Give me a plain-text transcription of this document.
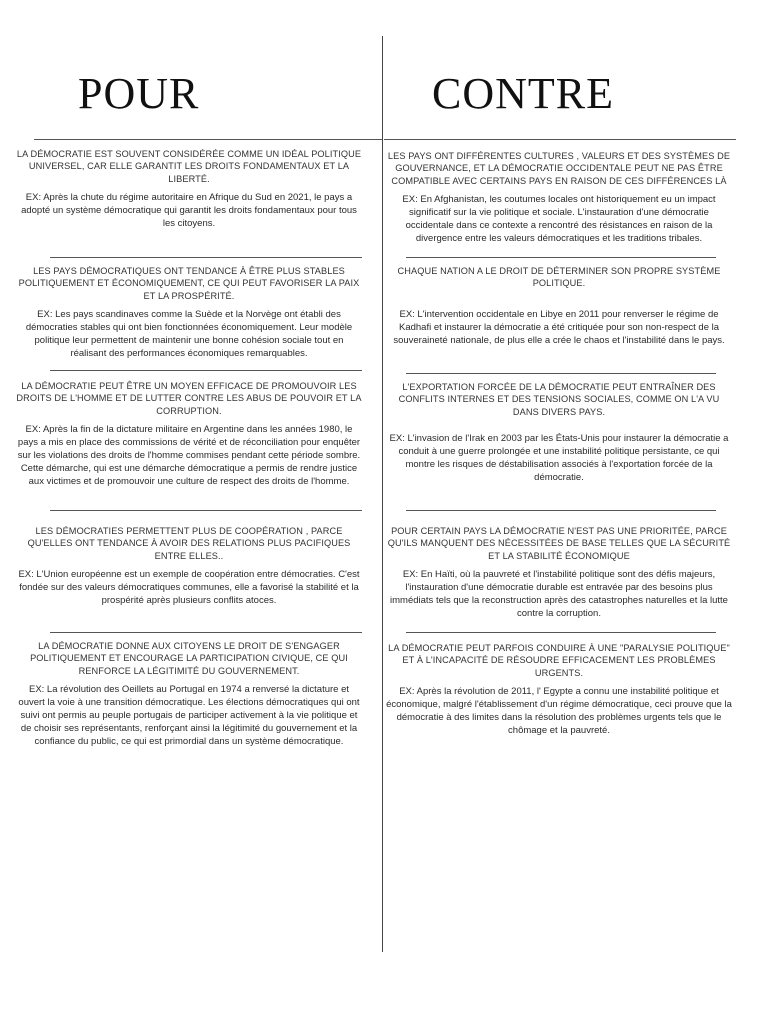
POUR	CONTRE

LA DÉMOCRATIE EST SOUVENT CONSIDÉRÉE COMME UN IDÉAL POLITIQUE UNIVERSEL, CAR ELLE GARANTIT LES DROITS FONDAMENTAUX ET LA LIBERTÉ.

EX: Après la chute du régime autoritaire en Afrique du Sud en 2021, le pays a adopté un système démocratique qui garantit les droits fondamentaux pour tous les citoyens.

LES PAYS DÉMOCRATIQUES ONT TENDANCE À ÊTRE PLUS STABLES POLITIQUEMENT ET ÉCONOMIQUEMENT, CE QUI PEUT FAVORISER LA PAIX ET LA PROSPÉRITÉ.

EX: Les pays scandinaves comme la Suède et la Norvège ont établi des démocraties stables qui ont bien fonctionnées économiquement. Leur modèle politique leur permettent de maintenir une bonne cohésion sociale tout en réalisant des performances économiques remarquables.

LA DÉMOCRATIE PEUT ÊTRE UN MOYEN EFFICACE DE PROMOUVOIR LES DROITS DE L'HOMME ET DE LUTTER CONTRE LES ABUS DE POUVOIR ET LA CORRUPTION.

EX: Après la fin de la dictature militaire en Argentine dans les années 1980, le pays a mis en place des commissions de vérité et de réconciliation pour enquêter sur les violations des droits de l'homme commises pendant cette période sombre. Cette démarche, qui est une démarche démocratique a permis de rendre justice aux victimes et de promouvoir une culture de respect des droits de l'homme.

LES DÉMOCRATIES PERMETTENT PLUS DE COOPÉRATION , PARCE QU'ELLES ONT TENDANCE À AVOIR DES RELATIONS PLUS PACIFIQUES ENTRE ELLES..

EX: L'Union européenne est un exemple de coopération entre démocraties. C'est fondée sur des valeurs démocratiques communes, elle a favorisé la stabilité et la prospérité après plusieurs conflits atoces.

LA DÉMOCRATIE DONNE AUX CITOYENS LE DROIT DE S'ENGAGER POLITIQUEMENT ET ENCOURAGE LA PARTICIPATION CIVIQUE, CE QUI RENFORCE LA LÉGITIMITÉ DU GOUVERNEMENT.

EX: La révolution des Oeillets au Portugal en 1974 a renversé la dictature et ouvert la voie à une transition démocratique. Les élections démocratiques qui ont suivi ont permis au peuple portugais de participer activement à la vie politique et de choisir ses représentants, renforçant ainsi la légitimité du gouvernement et la confiance du public, ce qui est primordial dans un système démocratique.

LES PAYS ONT DIFFÉRENTES CULTURES , VALEURS ET DES SYSTÈMES DE GOUVERNANCE, ET LA DÉMOCRATIE OCCIDENTALE PEUT NE PAS ÊTRE COMPATIBLE AVEC CERTAINS PAYS EN RAISON DE CES DIFFÉRENCES LÀ

EX: En Afghanistan, les coutumes locales ont historiquement eu un impact significatif sur la vie politique et sociale. L'instauration d'une démocratie occidentale dans ce contexte a rencontré des résistances en raison de la divergence entre les valeurs démocratiques et les traditions tribales.

CHAQUE NATION A LE DROIT DE DÉTERMINER SON PROPRE SYSTÈME POLITIQUE.

EX: L'intervention occidentale en Libye en 2011 pour renverser le régime de Kadhafi et instaurer la démocratie a été critiquée pour son non-respect de la souveraineté nationale, de plus elle a crée le chaos et l'instabilité dans le pays.

L'EXPORTATION FORCÉE DE LA DÉMOCRATIE PEUT ENTRAÎNER DES CONFLITS INTERNES ET DES TENSIONS SOCIALES, COMME ON L'A VU DANS DIVERS PAYS.

EX: L'invasion de l'Irak en 2003 par les États-Unis pour instaurer la démocratie a conduit à une guerre prolongée et une instabilité politique persistante, ce qui montre les risques de déstabilisation associés à l'exportation forcée de la démocratie.

POUR CERTAIN PAYS LA DÉMOCRATIE N'EST PAS UNE PRIORITÉE, PARCE QU'ILS MANQUENT DES NÉCESSITÉES DE BASE TELLES QUE LA SÉCURITÉ ET LA STABILITÉ ÉCONOMIQUE

EX: En Haïti, où la pauvreté et l'instabilité politique sont des défis majeurs, l'instauration d'une démocratie durable est entravée par des besoins plus immédiats tels que la reconstruction après des catastrophes naturelles et la lutte contre la corruption.

LA DÉMOCRATIE PEUT PARFOIS CONDUIRE À UNE "PARALYSIE POLITIQUE" ET À L'INCAPACITÉ DE RÉSOUDRE EFFICACEMENT LES PROBLÈMES URGENTS.

EX: Après la révolution de 2011, l' Egypte a connu une instabilité politique et économique, malgré l'établissement d'un régime démocratique, ceci prouve que la démocratie à des limites dans la résolution des problèmes urgents tels que le chômage et la pauvreté.
